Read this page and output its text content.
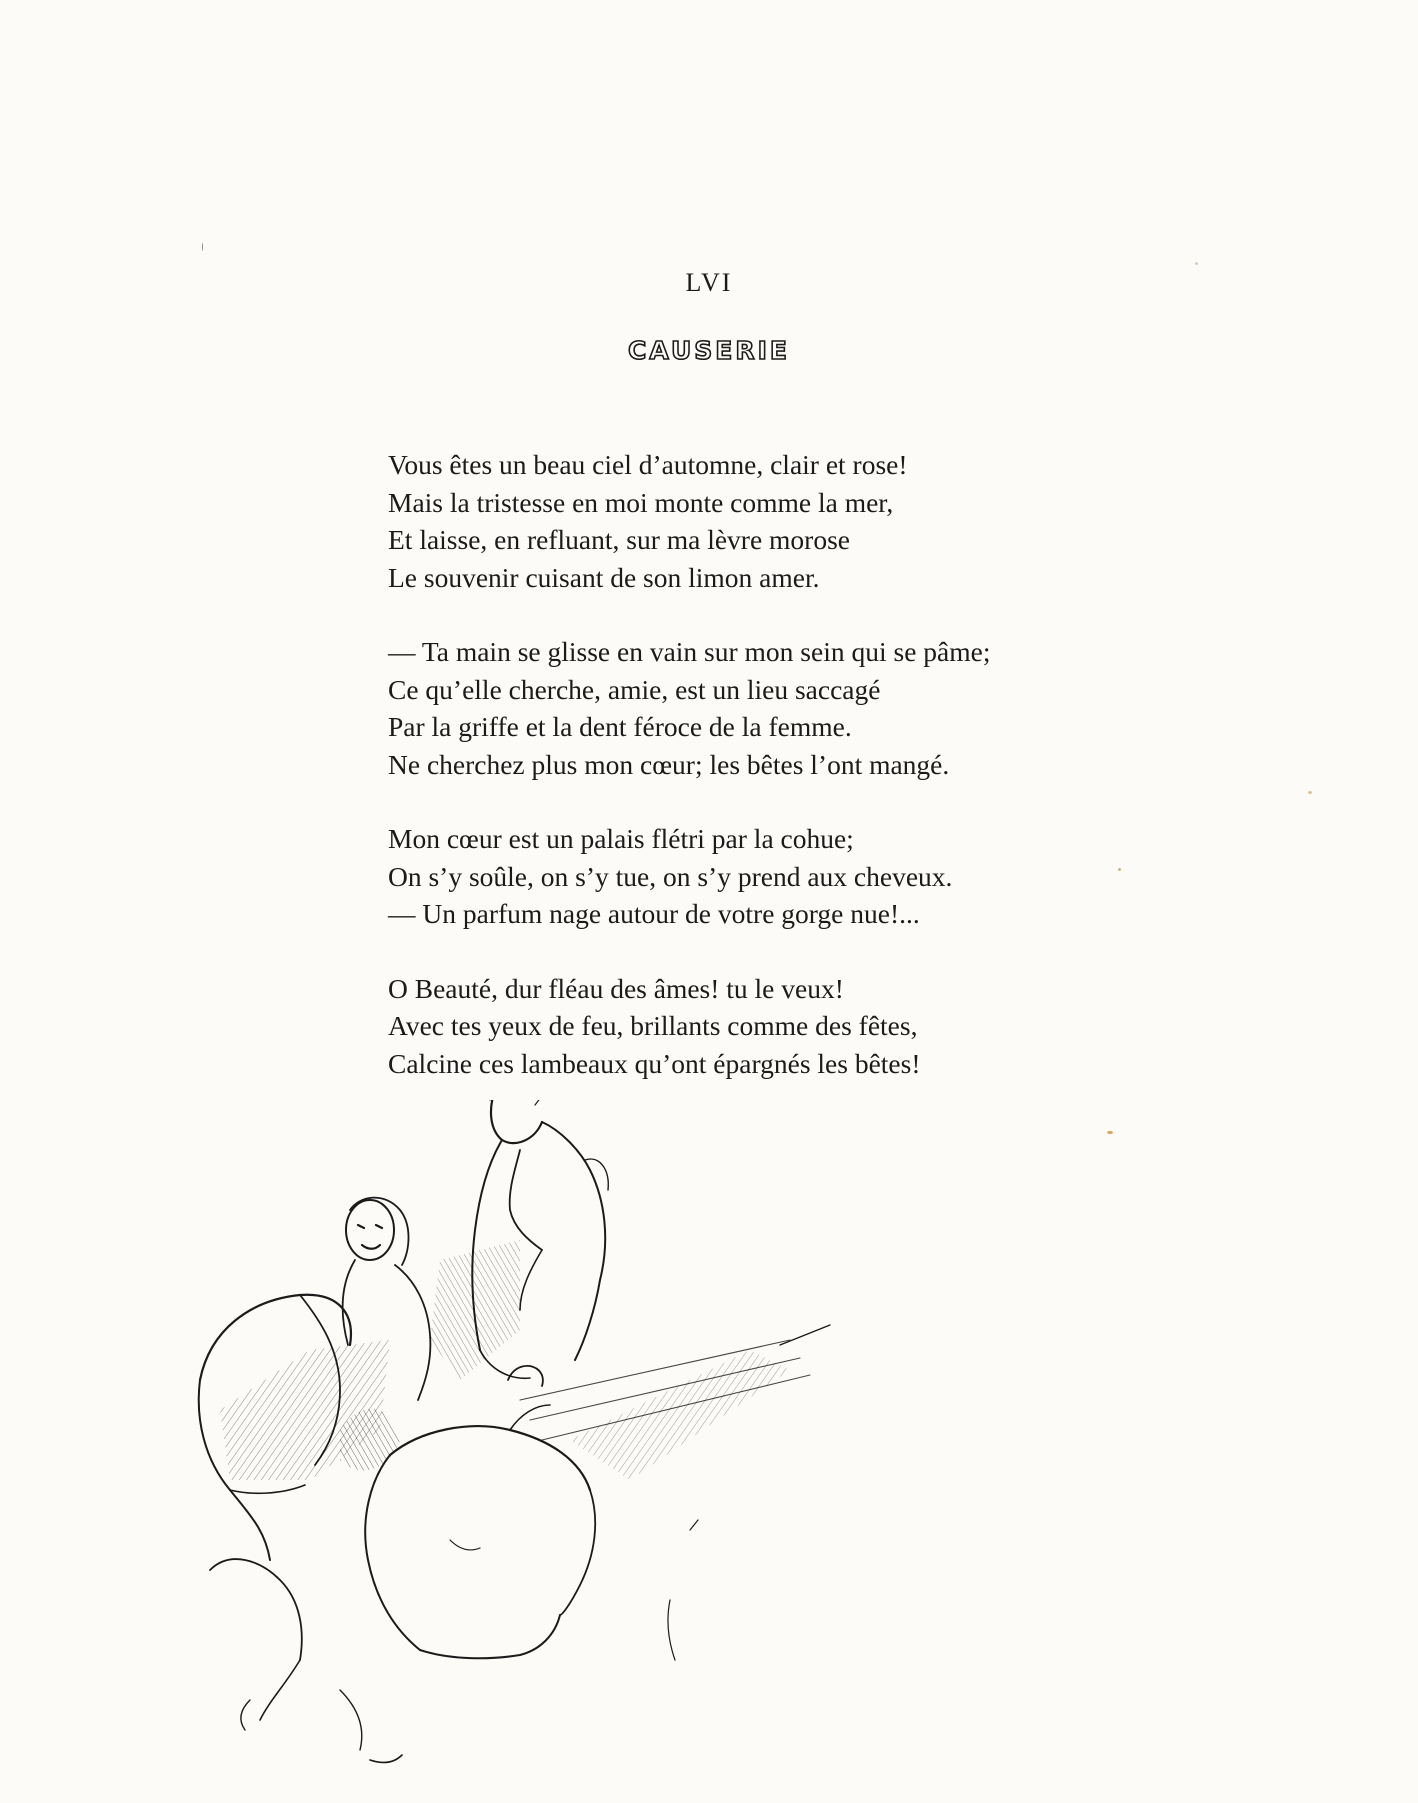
LVI
CAUSERIE
Vous êtes un beau ciel d’automne, clair et rose!
Mais la tristesse en moi monte comme la mer,
Et laisse, en refluant, sur ma lèvre morose
Le souvenir cuisant de son limon amer.
— Ta main se glisse en vain sur mon sein qui se pâme;
Ce qu’elle cherche, amie, est un lieu saccagé
Par la griffe et la dent féroce de la femme.
Ne cherchez plus mon cœur; les bêtes l’ont mangé.
Mon cœur est un palais flétri par la cohue;
On s’y soûle, on s’y tue, on s’y prend aux cheveux.
— Un parfum nage autour de votre gorge nue!...
O Beauté, dur fléau des âmes! tu le veux!
Avec tes yeux de feu, brillants comme des fêtes,
Calcine ces lambeaux qu’ont épargnés les bêtes!
